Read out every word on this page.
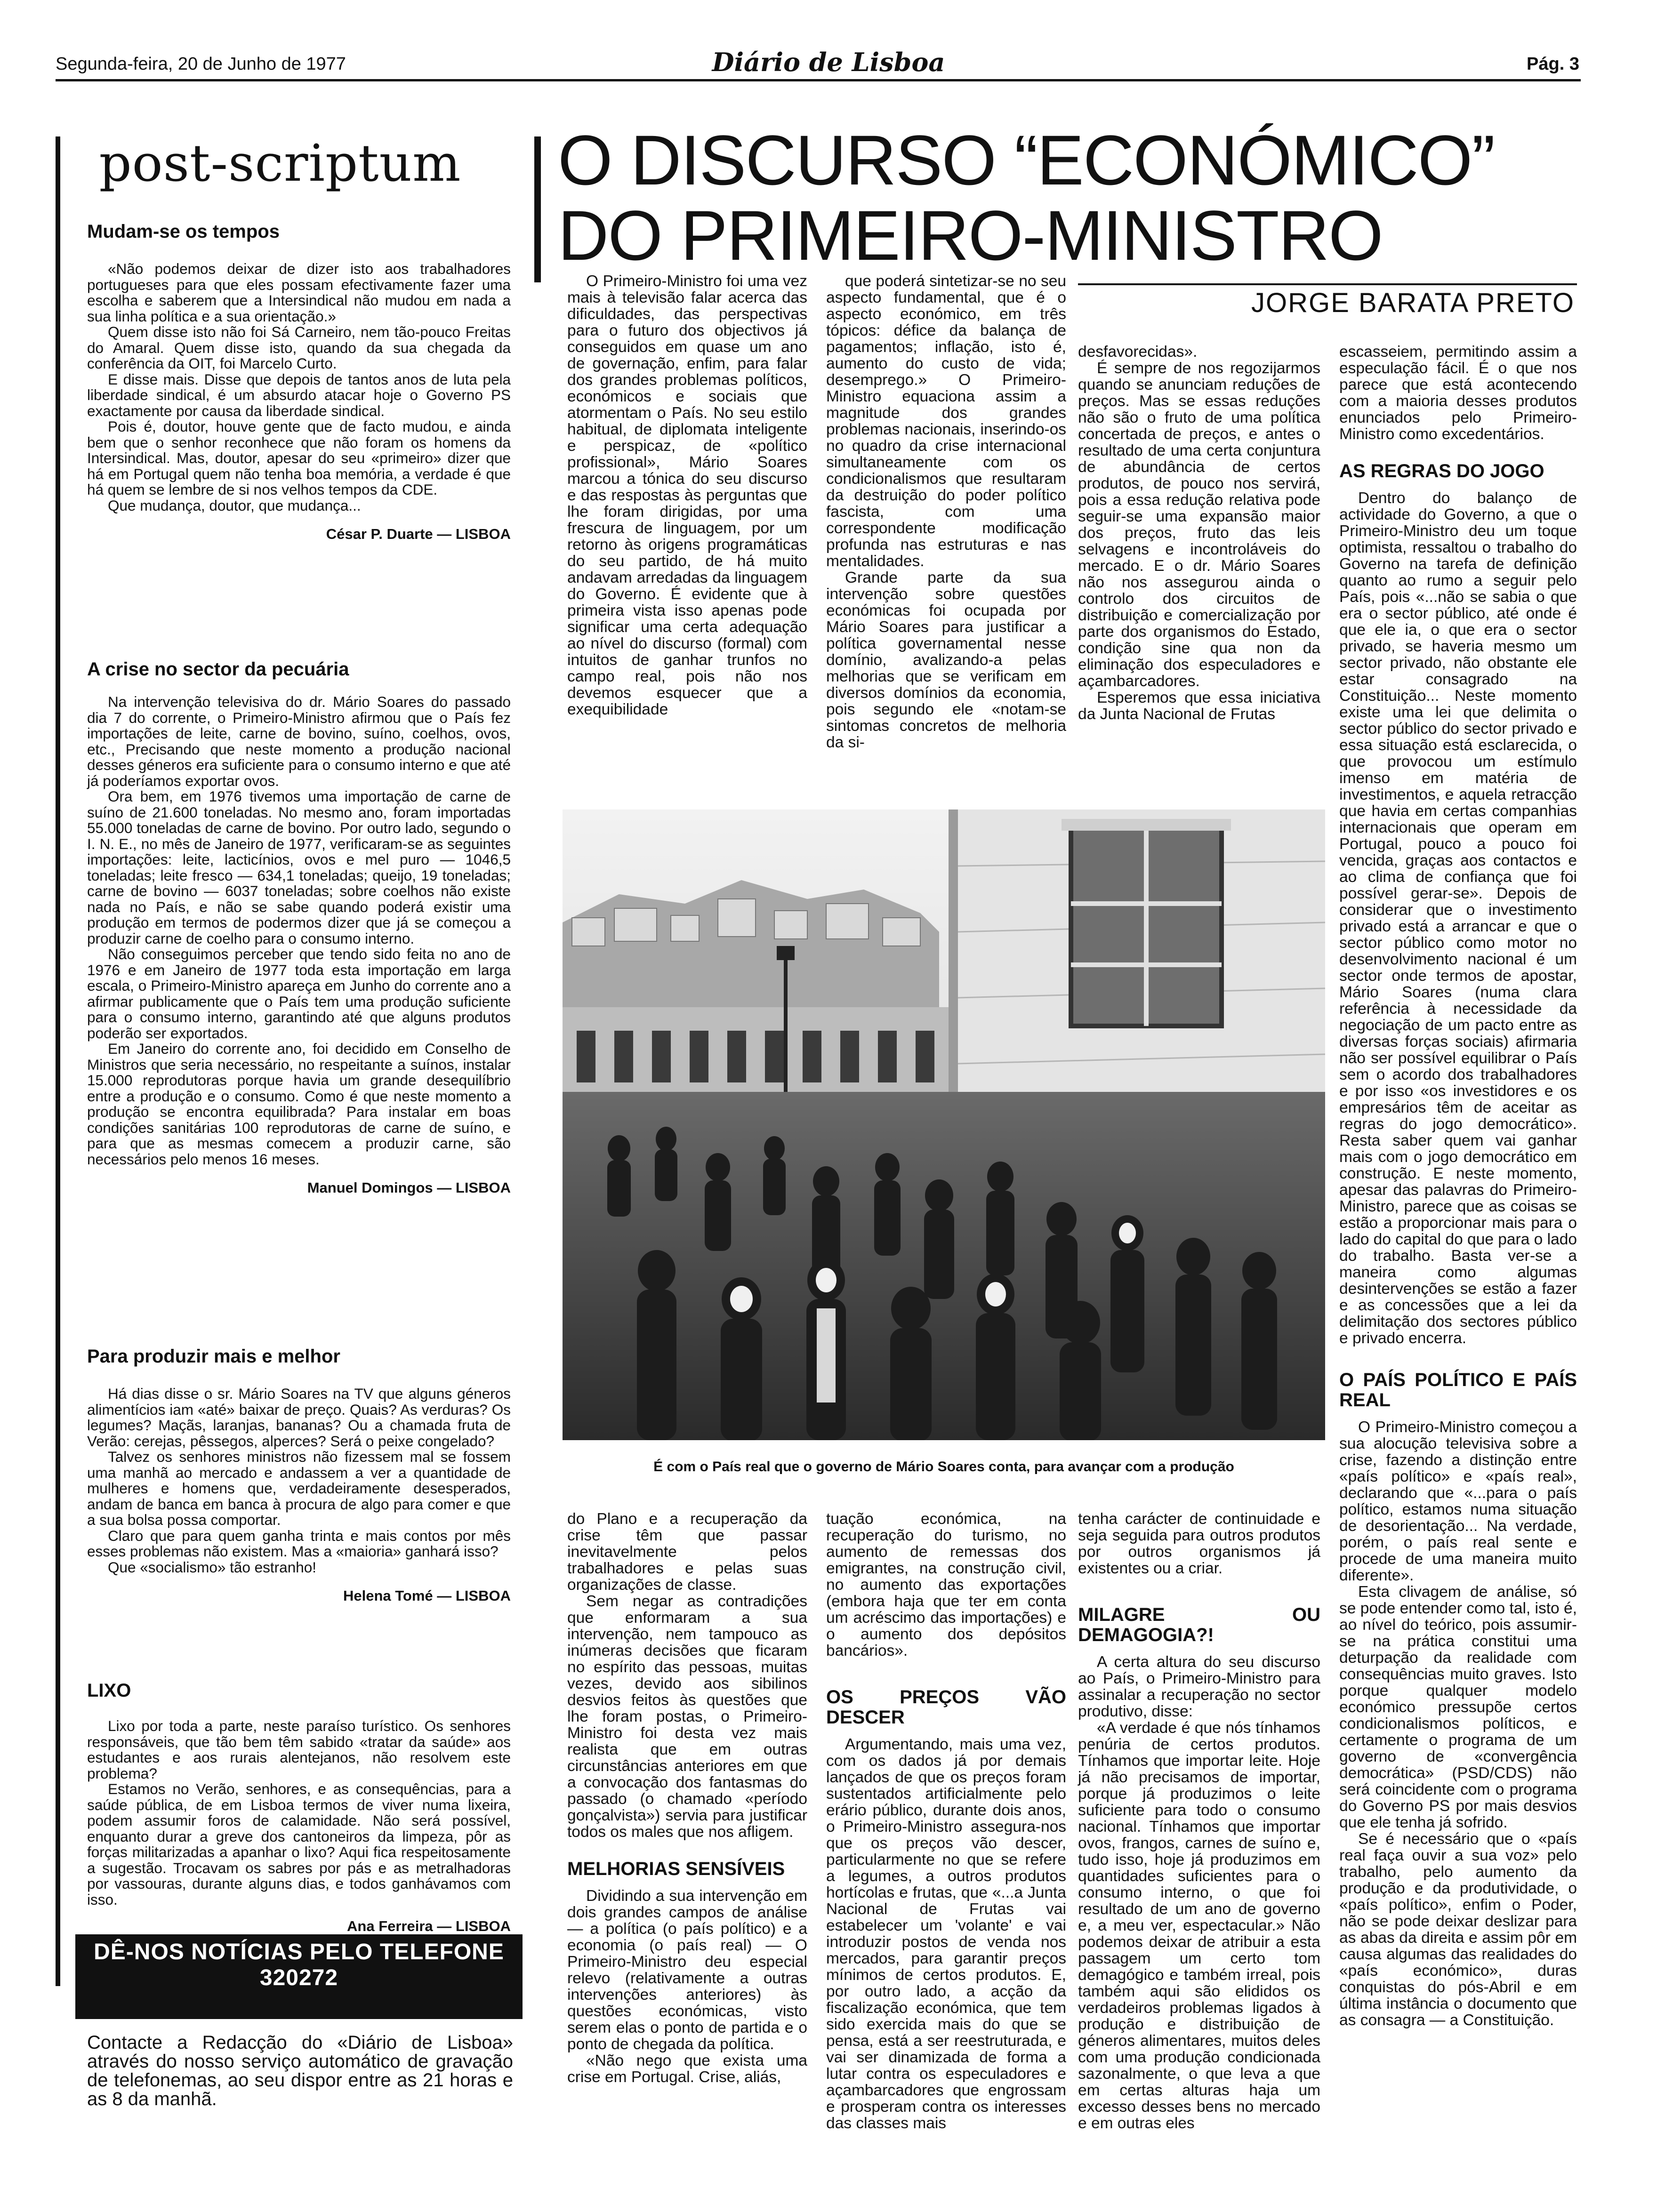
Segunda-feira, 20 de Junho de 1977	Diário de Lisboa	Pág. 3
post-scriptum
Mudam-se os tempos

«Não podemos deixar de dizer isto aos trabalhadores portugueses para que eles possam efectivamente fazer uma escolha e saberem que a Intersindical não mudou em nada a sua linha política e a sua orientação.»

Quem disse isto não foi Sá Carneiro, nem tão-pouco Freitas do Amaral. Quem disse isto, quando da sua chegada da conferência da OIT, foi Marcelo Curto.

E disse mais. Disse que depois de tantos anos de luta pela liberdade sindical, é um absurdo atacar hoje o Governo PS exactamente por causa da liberdade sindical.

Pois é, doutor, houve gente que de facto mudou, e ainda bem que o senhor reconhece que não foram os homens da Intersindical. Mas, doutor, apesar do seu «primeiro» dizer que há em Portugal quem não tenha boa memória, a verdade é que há quem se lembre de si nos velhos tempos da CDE.

Que mudança, doutor, que mudança...

César P. Duarte — LISBOA
A crise no sector da pecuária

Na intervenção televisiva do dr. Mário Soares do passado dia 7 do corrente, o Primeiro-Ministro afirmou que o País fez importações de leite, carne de bovino, suíno, coelhos, ovos, etc., Precisando que neste momento a produção nacional desses géneros era suficiente para o consumo interno e que até já poderíamos exportar ovos.

Ora bem, em 1976 tivemos uma importação de carne de suíno de 21.600 toneladas. No mesmo ano, foram importadas 55.000 toneladas de carne de bovino. Por outro lado, segundo o I. N. E., no mês de Janeiro de 1977, verificaram-se as seguintes importações: leite, lacticínios, ovos e mel puro — 1046,5 toneladas; leite fresco — 634,1 toneladas; queijo, 19 toneladas; carne de bovino — 6037 toneladas; sobre coelhos não existe nada no País, e não se sabe quando poderá existir uma produção em termos de podermos dizer que já se começou a produzir carne de coelho para o consumo interno.

Não conseguimos perceber que tendo sido feita no ano de 1976 e em Janeiro de 1977 toda esta importação em larga escala, o Primeiro-Ministro apareça em Junho do corrente ano a afirmar publicamente que o País tem uma produção suficiente para o consumo interno, garantindo até que alguns produtos poderão ser exportados.

Em Janeiro do corrente ano, foi decidido em Conselho de Ministros que seria necessário, no respeitante a suínos, instalar 15.000 reprodutoras porque havia um grande desequilíbrio entre a produção e o consumo. Como é que neste momento a produção se encontra equilibrada? Para instalar em boas condições sanitárias 100 reprodutoras de carne de suíno, e para que as mesmas comecem a produzir carne, são necessários pelo menos 16 meses.

Manuel Domingos — LISBOA
Para produzir mais e melhor

Há dias disse o sr. Mário Soares na TV que alguns géneros alimentícios iam «até» baixar de preço. Quais? As verduras? Os legumes? Maçãs, laranjas, bananas? Ou a chamada fruta de Verão: cerejas, pêssegos, alperces? Será o peixe congelado?

Talvez os senhores ministros não fizessem mal se fossem uma manhã ao mercado e andassem a ver a quantidade de mulheres e homens que, verdadeiramente desesperados, andam de banca em banca à procura de algo para comer e que a sua bolsa possa comportar.

Claro que para quem ganha trinta e mais contos por mês esses problemas não existem. Mas a «maioria» ganhará isso?

Que «socialismo» tão estranho!

Helena Tomé — LISBOA
LIXO

Lixo por toda a parte, neste paraíso turístico. Os senhores responsáveis, que tão bem têm sabido «tratar da saúde» aos estudantes e aos rurais alentejanos, não resolvem este problema?

Estamos no Verão, senhores, e as consequências, para a saúde pública, de em Lisboa termos de viver numa lixeira, podem assumir foros de calamidade. Não será possível, enquanto durar a greve dos cantoneiros da limpeza, pôr as forças militarizadas a apanhar o lixo? Aqui fica respeitosamente a sugestão. Trocavam os sabres por pás e as metralhadoras por vassouras, durante alguns dias, e todos ganhávamos com isso.

Ana Ferreira — LISBOA
DÊ-NOS NOTÍCIAS PELO TELEFONE 320272
Contacte a Redacção do «Diário de Lisboa» através do nosso serviço automático de gravação de telefonemas, ao seu dispor entre as 21 horas e as 8 da manhã.
O DISCURSO “ECONÓMICO”
DO PRIMEIRO-MINISTRO
JORGE BARATA PRETO

O Primeiro-Ministro foi uma vez mais à televisão falar acerca das dificuldades, das perspectivas para o futuro dos objectivos já conseguidos em quase um ano de governação, enfim, para falar dos grandes problemas políticos, económicos e sociais que atormentam o País. No seu estilo habitual, de diplomata inteligente e perspicaz, de «político profissional», Mário Soares marcou a tónica do seu discurso e das respostas às perguntas que lhe foram dirigidas, por uma frescura de linguagem, por um retorno às origens programáticas do seu partido, de há muito andavam arredadas da linguagem do Governo. É evidente que à primeira vista isso apenas pode significar uma certa adequação ao nível do discurso (formal) com intuitos de ganhar trunfos no campo real, pois não nos devemos esquecer que a exequibilidade

que poderá sintetizar-se no seu aspecto fundamental, que é o aspecto económico, em três tópicos: défice da balança de pagamentos; inflação, isto é, aumento do custo de vida; desemprego.» O Primeiro-Ministro equaciona assim a magnitude dos grandes problemas nacionais, inserindo-os no quadro da crise internacional simultaneamente com os condicionalismos que resultaram da destruição do poder político fascista, com uma correspondente modificação profunda nas estruturas e nas mentalidades.

Grande parte da sua intervenção sobre questões económicas foi ocupada por Mário Soares para justificar a política governamental nesse domínio, avalizando-a pelas melhorias que se verificam em diversos domínios da economia, pois segundo ele «notam-se sintomas concretos de melhoria da si-

desfavorecidas».

É sempre de nos regozijarmos quando se anunciam reduções de preços. Mas se essas reduções não são o fruto de uma política concertada de preços, e antes o resultado de uma certa conjuntura de abundância de certos produtos, de pouco nos servirá, pois a essa redução relativa pode seguir-se uma expansão maior dos preços, fruto das leis selvagens e incontroláveis do mercado. E o dr. Mário Soares não nos assegurou ainda o controlo dos circuitos de distribuição e comercialização por parte dos organismos do Estado, condição sine qua non da eliminação dos especuladores e açambarcadores.

Esperemos que essa iniciativa da Junta Nacional de Frutas

escasseiem, permitindo assim a especulação fácil. É o que nos parece que está acontecendo com a maioria desses produtos enunciados pelo Primeiro-Ministro como excedentários.

AS REGRAS DO JOGO

Dentro do balanço de actividade do Governo, a que o Primeiro-Ministro deu um toque optimista, ressaltou o trabalho do Governo na tarefa de definição quanto ao rumo a seguir pelo País, pois «...não se sabia o que era o sector público, até onde é que ele ia, o que era o sector privado, se haveria mesmo um sector privado, não obstante ele estar consagrado na Constituição... Neste momento existe uma lei que delimita o sector público do sector privado e essa situação está esclarecida, o que provocou um estímulo imenso em matéria de investimentos, e aquela retracção que havia em certas companhias internacionais que operam em Portugal, pouco a pouco foi vencida, graças aos contactos e ao clima de confiança que foi possível gerar-se». Depois de considerar que o investimento privado está a arrancar e que o sector público como motor no desenvolvimento nacional é um sector onde termos de apostar, Mário Soares (numa clara referência à necessidade da negociação de um pacto entre as diversas forças sociais) afirmaria não ser possível equilibrar o País sem o acordo dos trabalhadores e por isso «os investidores e os empresários têm de aceitar as regras do jogo democrático». Resta saber quem vai ganhar mais com o jogo democrático em construção. E neste momento, apesar das palavras do Primeiro-Ministro, parece que as coisas se estão a proporcionar mais para o lado do capital do que para o lado do trabalho. Basta ver-se a maneira como algumas desintervenções se estão a fazer e as concessões que a lei da delimitação dos sectores público e privado encerra.

O PAÍS POLÍTICO E PAÍS REAL

O Primeiro-Ministro começou a sua alocução televisiva sobre a crise, fazendo a distinção entre «país político» e «país real», declarando que «...para o país político, estamos numa situação de desorientação... Na verdade, porém, o país real sente e procede de uma maneira muito diferente».

Esta clivagem de análise, só se pode entender como tal, isto é, ao nível do teórico, pois assumir-se na prática constitui uma deturpação da realidade com consequências muito graves. Isto porque qualquer modelo económico pressupõe certos condicionalismos políticos, e certamente o programa de um governo de «convergência democrática» (PSD/CDS) não será coincidente com o programa do Governo PS por mais desvios que ele tenha já sofrido.

Se é necessário que o «país real faça ouvir a sua voz» pelo trabalho, pelo aumento da produção e da produtividade, o «país político», enfim o Poder, não se pode deixar deslizar para as abas da direita e assim pôr em causa algumas das realidades do «país económico», duras conquistas do pós-Abril e em última instância o documento que as consagra — a Constituição.

É com o País real que o governo de Mário Soares conta, para avançar com a produção

do Plano e a recuperação da crise têm que passar inevitavelmente pelos trabalhadores e pelas suas organizações de classe.

Sem negar as contradições que enformaram a sua intervenção, nem tampouco as inúmeras decisões que ficaram no espírito das pessoas, muitas vezes, devido aos sibilinos desvios feitos às questões que lhe foram postas, o Primeiro-Ministro foi desta vez mais realista que em outras circunstâncias anteriores em que a convocação dos fantasmas do passado (o chamado «período gonçalvista») servia para justificar todos os males que nos afligem.

MELHORIAS SENSÍVEIS

Dividindo a sua intervenção em dois grandes campos de análise — a política (o país político) e a economia (o país real) — O Primeiro-Ministro deu especial relevo (relativamente a outras intervenções anteriores) às questões económicas, visto serem elas o ponto de partida e o ponto de chegada da política.

«Não nego que exista uma crise em Portugal. Crise, aliás,

tuação económica, na recuperação do turismo, no aumento de remessas dos emigrantes, na construção civil, no aumento das exportações (embora haja que ter em conta um acréscimo das importações) e o aumento dos depósitos bancários».

OS PREÇOS VÃO DESCER

Argumentando, mais uma vez, com os dados já por demais lançados de que os preços foram sustentados artificialmente pelo erário público, durante dois anos, o Primeiro-Ministro assegura-nos que os preços vão descer, particularmente no que se refere a legumes, a outros produtos hortícolas e frutas, que «...a Junta Nacional de Frutas vai estabelecer um 'volante' e vai introduzir postos de venda nos mercados, para garantir preços mínimos de certos produtos. E, por outro lado, a acção da fiscalização económica, que tem sido exercida mais do que se pensa, está a ser reestruturada, e vai ser dinamizada de forma a lutar contra os especuladores e açambarcadores que engrossam e prosperam contra os interesses das classes mais

tenha carácter de continuidade e seja seguida para outros produtos por outros organismos já existentes ou a criar.

MILAGRE OU DEMAGOGIA?!

A certa altura do seu discurso ao País, o Primeiro-Ministro para assinalar a recuperação no sector produtivo, disse:

«A verdade é que nós tínhamos penúria de certos produtos. Tínhamos que importar leite. Hoje já não precisamos de importar, porque já produzimos o leite suficiente para todo o consumo nacional. Tínhamos que importar ovos, frangos, carnes de suíno e, tudo isso, hoje já produzimos em quantidades suficientes para o consumo interno, o que foi resultado de um ano de governo e, a meu ver, espectacular.» Não podemos deixar de atribuir a esta passagem um certo tom demagógico e também irreal, pois também aqui são elididos os verdadeiros problemas ligados à produção e distribuição de géneros alimentares, muitos deles com uma produção condicionada sazonalmente, o que leva a que em certas alturas haja um excesso desses bens no mercado e em outras eles
